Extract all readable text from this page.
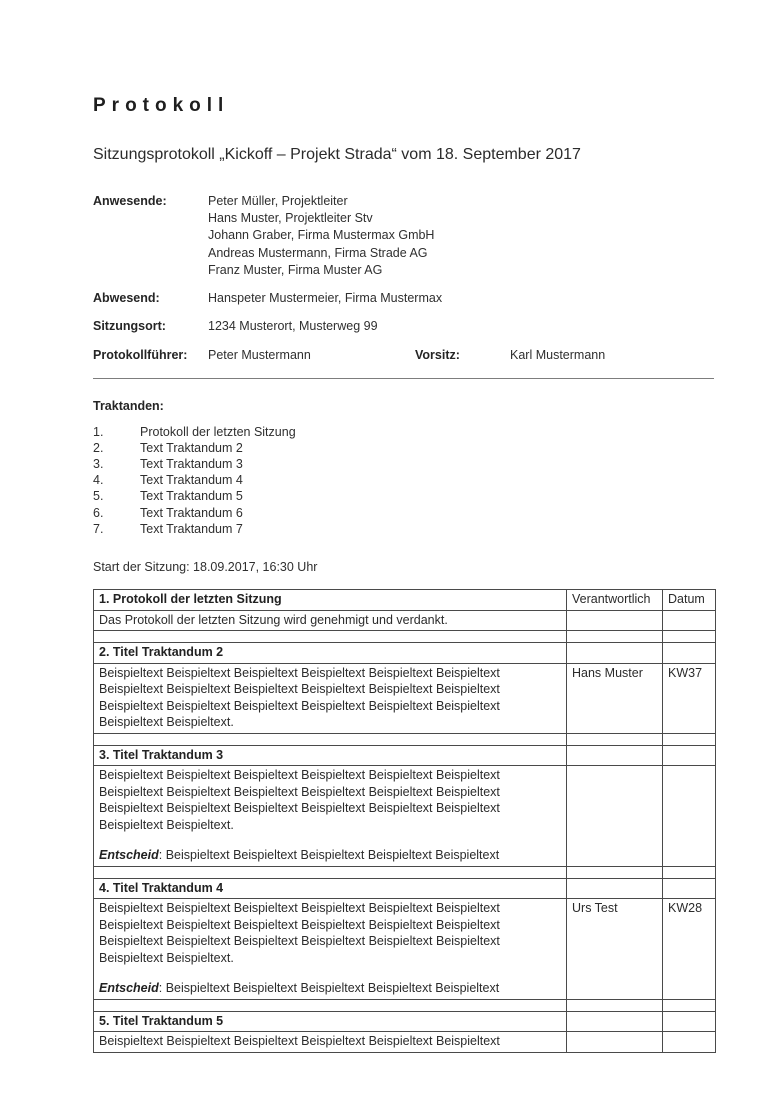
Protokoll
Sitzungsprotokoll „Kickoff – Projekt Strada“ vom 18. September 2017
Anwesende:	Peter Müller, Projektleiter
Hans Muster, Projektleiter Stv
Johann Graber, Firma Mustermax GmbH
Andreas Mustermann, Firma Strade AG
Franz Muster, Firma Muster AG
Abwesend:	Hanspeter Mustermeier, Firma Mustermax
Sitzungsort:	1234 Musterort, Musterweg 99
Protokollführer:	Peter Mustermann	Vorsitz:	Karl Mustermann
Traktanden:
1.	Protokoll der letzten Sitzung
2.	Text Traktandum 2
3.	Text Traktandum 3
4.	Text Traktandum 4
5.	Text Traktandum 5
6.	Text Traktandum 6
7.	Text Traktandum 7
Start der Sitzung: 18.09.2017, 16:30 Uhr
1. Protokoll der letzten Sitzung	Verantwortlich	Datum

Das Protokoll der letzten Sitzung wird genehmigt und verdankt.		

2. Titel Traktandum 2		

Beispieltext Beispieltext Beispieltext Beispieltext Beispieltext Beispieltext
Beispieltext Beispieltext Beispieltext Beispieltext Beispieltext Beispieltext
Beispieltext Beispieltext Beispieltext Beispieltext Beispieltext Beispieltext
Beispieltext Beispieltext.	Hans Muster	KW37

3. Titel Traktandum 3		

Beispieltext Beispieltext Beispieltext Beispieltext Beispieltext Beispieltext
Beispieltext Beispieltext Beispieltext Beispieltext Beispieltext Beispieltext
Beispieltext Beispieltext Beispieltext Beispieltext Beispieltext Beispieltext
Beispieltext Beispieltext.
Entscheid: Beispieltext Beispieltext Beispieltext Beispieltext Beispieltext		

4. Titel Traktandum 4		

Beispieltext Beispieltext Beispieltext Beispieltext Beispieltext Beispieltext
Beispieltext Beispieltext Beispieltext Beispieltext Beispieltext Beispieltext
Beispieltext Beispieltext Beispieltext Beispieltext Beispieltext Beispieltext
Beispieltext Beispieltext.
Entscheid: Beispieltext Beispieltext Beispieltext Beispieltext Beispieltext	Urs Test	KW28

5. Titel Traktandum 5		

Beispieltext Beispieltext Beispieltext Beispieltext Beispieltext Beispieltext		
